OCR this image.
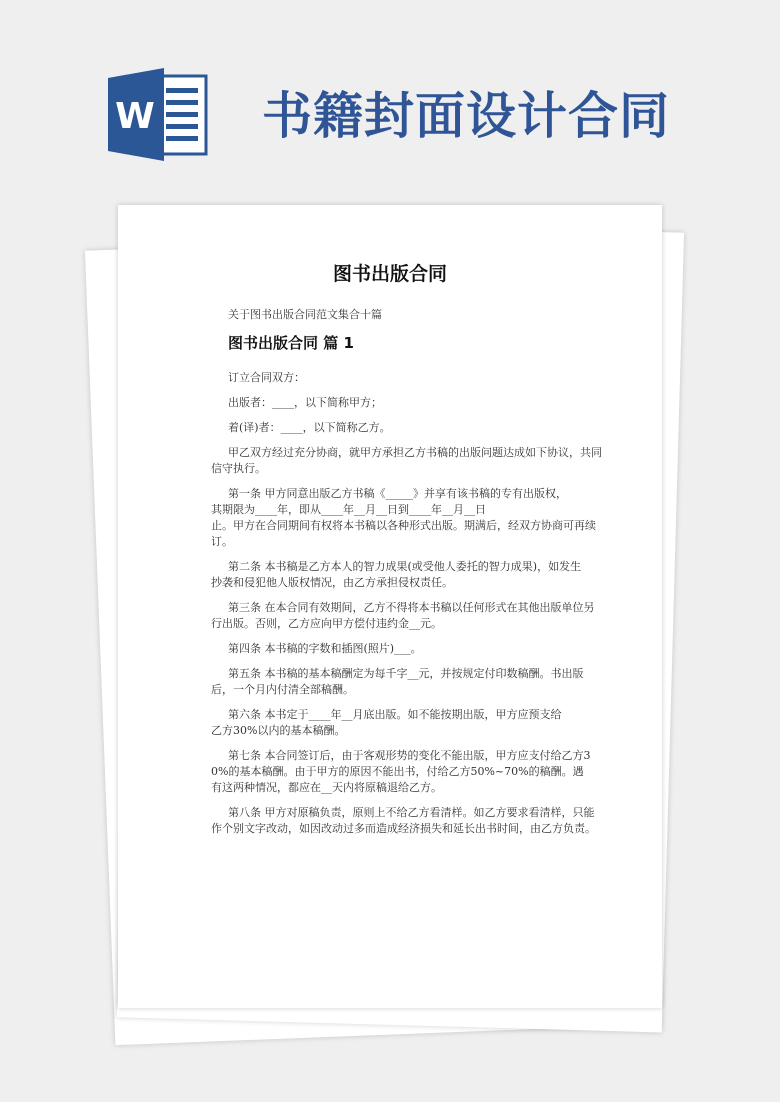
W 书籍封面设计合同
图书出版合同
关于图书出版合同范文集合十篇
图书出版合同 篇 1
订立合同双方：
出版者：____，以下简称甲方；
着(译)者：____，以下简称乙方。
甲乙双方经过充分协商，就甲方承担乙方书稿的出版问题达成如下协议，共同
信守执行。
第一条 甲方同意出版乙方书稿《_____》并享有该书稿的专有出版权，
其期限为____年，即从____年__月__日到____年__月__日
止。甲方在合同期间有权将本书稿以各种形式出版。期满后，经双方协商可再续
订。
第二条 本书稿是乙方本人的智力成果(或受他人委托的智力成果)，如发生
抄袭和侵犯他人版权情况，由乙方承担侵权责任。
第三条 在本合同有效期间，乙方不得将本书稿以任何形式在其他出版单位另
行出版。否则，乙方应向甲方偿付违约金__元。
第四条 本书稿的字数和插图(照片)___。
第五条 本书稿的基本稿酬定为每千字__元，并按规定付印数稿酬。书出版
后，一个月内付清全部稿酬。
第六条 本书定于____年__月底出版。如不能按期出版，甲方应预支给
乙方30%以内的基本稿酬。
第七条 本合同签订后，由于客观形势的变化不能出版，甲方应支付给乙方3
0%的基本稿酬。由于甲方的原因不能出书，付给乙方50%~70%的稿酬。遇
有这两种情况，都应在__天内将原稿退给乙方。
第八条 甲方对原稿负责，原则上不给乙方看清样。如乙方要求看清样，只能
作个别文字改动，如因改动过多而造成经济损失和延长出书时间，由乙方负责。
